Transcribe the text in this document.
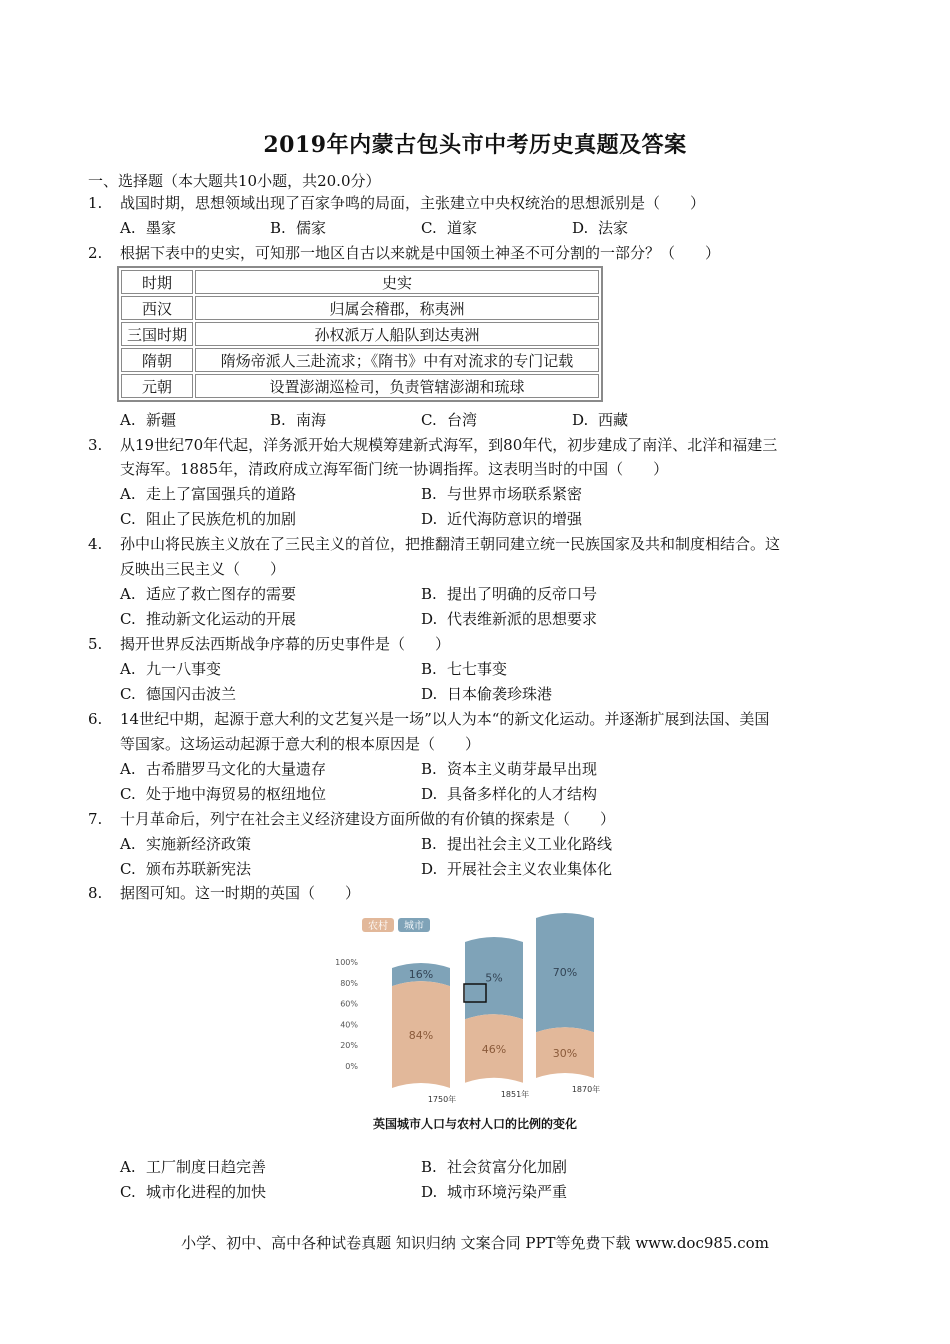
2019年内蒙古包头市中考历史真题及答案
一、选择题（本大题共10小题，共20.0分）
1. 战国时期，思想领域出现了百家争鸣的局面，主张建立中央权统治的思想派别是（　　）
A. 墨家	B. 儒家	C. 道家	D. 法家
2. 根据下表中的史实，可知那一地区自古以来就是中国领土神圣不可分割的一部分？（　　）
时期	史实
西汉	归属会稽郡，称夷洲
三国时期	孙权派万人船队到达夷洲
隋朝	隋炀帝派人三赴流求；《隋书》中有对流求的专门记载
元朝	设置澎湖巡检司，负责管辖澎湖和琉球
A. 新疆	B. 南海	C. 台湾	D. 西藏
3. 从19世纪70年代起，洋务派开始大规模筹建新式海军，到80年代，初步建成了南洋、北洋和福建三
支海军。1885年，清政府成立海军衙门统一协调指挥。这表明当时的中国（　　）
A. 走上了富国强兵的道路	B. 与世界市场联系紧密
C. 阻止了民族危机的加剧	D. 近代海防意识的增强
4. 孙中山将民族主义放在了三民主义的首位，把推翻清王朝同建立统一民族国家及共和制度相结合。这
反映出三民主义（　　）
A. 适应了救亡图存的需要	B. 提出了明确的反帝口号
C. 推动新文化运动的开展	D. 代表维新派的思想要求
5. 揭开世界反法西斯战争序幕的历史事件是（　　）
A. 九一八事变	B. 七七事变
C. 德国闪击波兰	D. 日本偷袭珍珠港
6. 14世纪中期，起源于意大利的文艺复兴是一场”以人为本“的新文化运动。并逐渐扩展到法国、美国
等国家。这场运动起源于意大利的根本原因是（　　）
A. 古希腊罗马文化的大量遗存	B. 资本主义萌芽最早出现
C. 处于地中海贸易的枢纽地位	D. 具备多样化的人才结构
7. 十月革命后，列宁在社会主义经济建设方面所做的有价镇的探索是（　　）
A. 实施新经济政策	B. 提出社会主义工业化路线
C. 颁布苏联新宪法	D. 开展社会主义农业集体化
8. 据图可知。这一时期的英国（　　）
农村 城市
0%
20%
40%
60%
80%
100%
16%
84%
1750年
5%
46%
1851年
70%
30%
1870年
英国城市人口与农村人口的比例的变化
A. 工厂制度日趋完善	B. 社会贫富分化加剧
C. 城市化进程的加快	D. 城市环境污染严重
小学、初中、高中各种试卷真题 知识归纳 文案合同 PPT等免费下载 www.doc985.com
